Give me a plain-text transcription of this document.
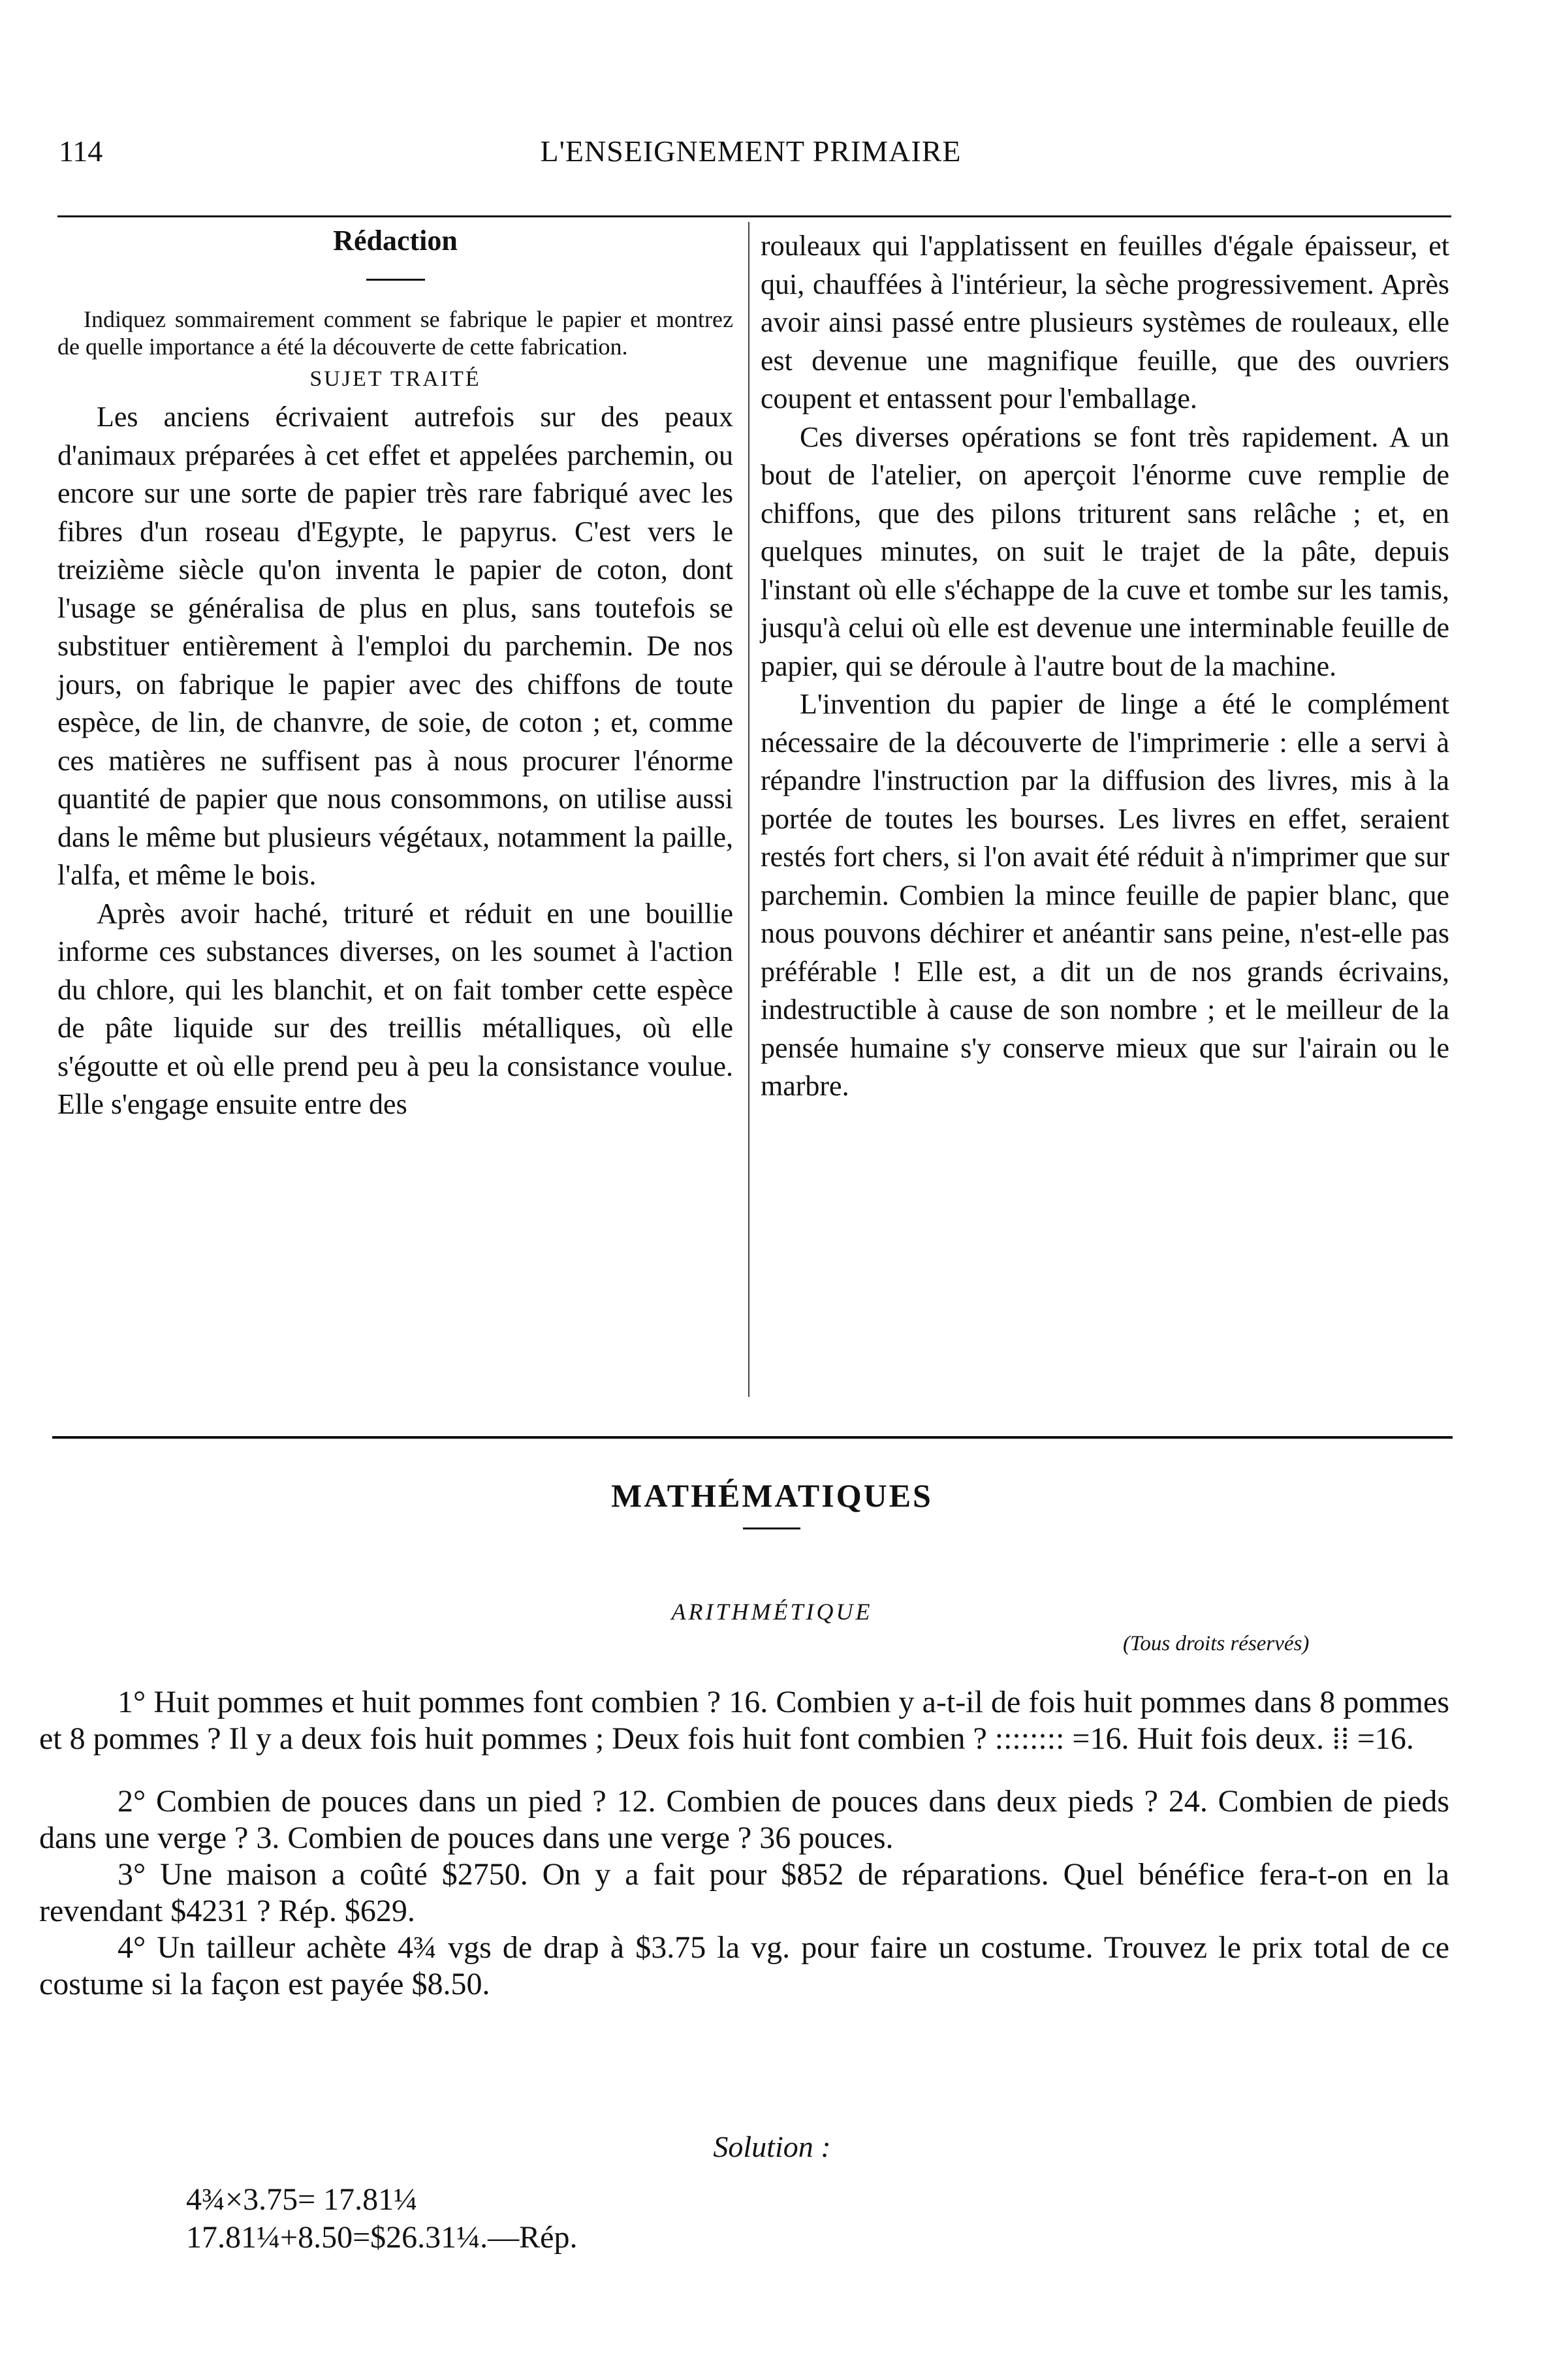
114	L'ENSEIGNEMENT PRIMAIRE

Rédaction

Indiquez sommairement comment se fabrique le papier et montrez de quelle importance a été la découverte de cette fabrication.

SUJET TRAITÉ

Les anciens écrivaient autrefois sur des peaux d'animaux préparées à cet effet et appelées parchemin, ou encore sur une sorte de papier très rare fabriqué avec les fibres d'un roseau d'Egypte, le papyrus. C'est vers le treizième siècle qu'on inventa le papier de coton, dont l'usage se généralisa de plus en plus, sans toutefois se substituer entièrement à l'emploi du parchemin. De nos jours, on fabrique le papier avec des chiffons de toute espèce, de lin, de chanvre, de soie, de coton ; et, comme ces matières ne suffisent pas à nous procurer l'énorme quantité de papier que nous consommons, on utilise aussi dans le même but plusieurs végétaux, notamment la paille, l'alfa, et même le bois.

Après avoir haché, trituré et réduit en une bouillie informe ces substances diverses, on les soumet à l'action du chlore, qui les blanchit, et on fait tomber cette espèce de pâte liquide sur des treillis métalliques, où elle s'égoutte et où elle prend peu à peu la consistance voulue. Elle s'engage ensuite entre des

rouleaux qui l'applatissent en feuilles d'égale épaisseur, et qui, chauffées à l'intérieur, la sèche progressivement. Après avoir ainsi passé entre plusieurs systèmes de rouleaux, elle est devenue une magnifique feuille, que des ouvriers coupent et entassent pour l'emballage.

Ces diverses opérations se font très rapidement. A un bout de l'atelier, on aperçoit l'énorme cuve remplie de chiffons, que des pilons triturent sans relâche ; et, en quelques minutes, on suit le trajet de la pâte, depuis l'instant où elle s'échappe de la cuve et tombe sur les tamis, jusqu'à celui où elle est devenue une interminable feuille de papier, qui se déroule à l'autre bout de la machine.

L'invention du papier de linge a été le complément nécessaire de la découverte de l'imprimerie : elle a servi à répandre l'instruction par la diffusion des livres, mis à la portée de toutes les bourses. Les livres en effet, seraient restés fort chers, si l'on avait été réduit à n'imprimer que sur parchemin. Combien la mince feuille de papier blanc, que nous pouvons déchirer et anéantir sans peine, n'est-elle pas préférable ! Elle est, a dit un de nos grands écrivains, indestructible à cause de son nombre ; et le meilleur de la pensée humaine s'y conserve mieux que sur l'airain ou le marbre.

MATHÉMATIQUES
ARITHMÉTIQUE
(Tous droits réservés)

1° Huit pommes et huit pommes font combien ? 16. Combien y a-t-il de fois huit pommes dans 8 pommes et 8 pommes ? Il y a deux fois huit pommes ; Deux fois huit font combien ? :::::::: =16. Huit fois deux. ⁞⁞ =16.

2° Combien de pouces dans un pied ? 12. Combien de pouces dans deux pieds ? 24. Combien de pieds dans une verge ? 3. Combien de pouces dans une verge ? 36 pouces.

3° Une maison a coûté $2750. On y a fait pour $852 de réparations. Quel bénéfice fera-t-on en la revendant $4231 ? Rép. $629.

4° Un tailleur achète 4¾ vgs de drap à $3.75 la vg. pour faire un costume. Trouvez le prix total de ce costume si la façon est payée $8.50.

Solution :
4¾×3.75= 17.81¼
17.81¼+8.50=$26.31¼.—Rép.
